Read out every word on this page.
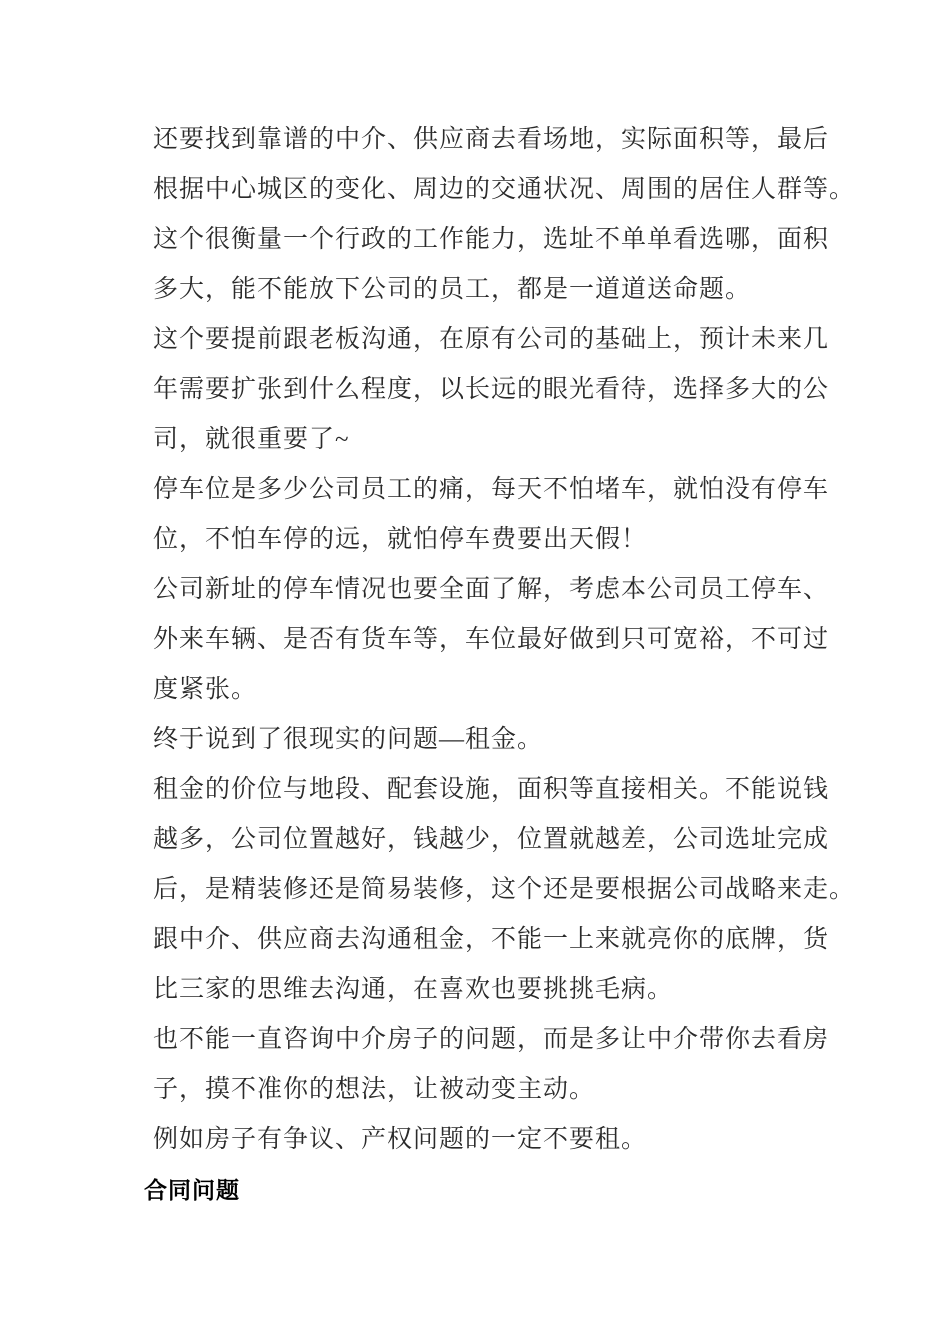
还要找到靠谱的中介、供应商去看场地，实际面积等，最后
根据中心城区的变化、周边的交通状况、周围的居住人群等。
这个很衡量一个行政的工作能力，选址不单单看选哪，面积
多大，能不能放下公司的员工，都是一道道送命题。
这个要提前跟老板沟通，在原有公司的基础上，预计未来几
年需要扩张到什么程度，以长远的眼光看待，选择多大的公
司，就很重要了~
停车位是多少公司员工的痛，每天不怕堵车，就怕没有停车
位，不怕车停的远，就怕停车费要出天假！
公司新址的停车情况也要全面了解，考虑本公司员工停车、
外来车辆、是否有货车等，车位最好做到只可宽裕，不可过
度紧张。
终于说到了很现实的问题—租金。
租金的价位与地段、配套设施，面积等直接相关。不能说钱
越多，公司位置越好，钱越少，位置就越差，公司选址完成
后，是精装修还是简易装修，这个还是要根据公司战略来走。
跟中介、供应商去沟通租金，不能一上来就亮你的底牌，货
比三家的思维去沟通，在喜欢也要挑挑毛病。
也不能一直咨询中介房子的问题，而是多让中介带你去看房
子，摸不准你的想法，让被动变主动。
例如房子有争议、产权问题的一定不要租。
合同问题
